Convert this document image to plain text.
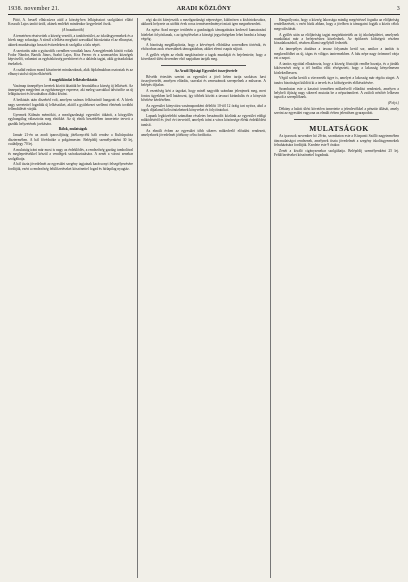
1938. november 21.	ARADI KÖZLÖNY	3

Pittó, A. beszél elbúcsúzva attól a község-ben lelkipásztori szolgálatot ellátó Kossuth Lajos tanító úrtól, akinek emlékét mindenkor kegyelettel őrzik.

(A hozzátartók)

A temetésen résztvettek a község vezetői, a tanítótestület, az iskolásgyermekek és a hívek nagy sokasága. A sírnál a lelkész megható szavakkal búcsúztatta el az elhunytat, akinek munkássága hosszú évtizedeken át szolgálta a falu népét.

A szertartás után a gyászolók csendben vonultak haza. A megjelentek között voltak Fodor Nándor, Bartók János, Szabó Lajos, Kiss Ferenc és a szomszédos községek képviselői, valamint az egyházközség presbiterei és a dalárda tagjai, akik gyászdalokat énekeltek.

A család ezúton mond köszönetet mindazoknak, akik fájdalmukban osztoztak és az elhunyt utolsó útján elkísérték.

A nagykikindai lelkészbeiktatás

Vasárnap ünnepélyes keretek között iktatták be hivatalába a község új lelkészét. Az ünnepségen megjelent az egyházmegye esperese, aki meleg szavakkal üdvözölte az új lelkipásztort és hivatásához áldást kívánt.

A beiktatás után díszebéd volt, amelyen számos felköszöntő hangzott el. A hívek nagy szeretettel fogadták új lelkészüket, akitől a gyülekezet szellemi életének további fellendülését várják.

Gyermek Kálmán mérnököt, a mezőgazdasági egyesület titkárát, a közgyűlés egyhangúlag választotta meg elnökké. Az új elnök beszédében ismertette terveit a gazdák helyzetének javítására.

Bálok, mulatságok

Január 21-én az aradi iparosifjúság jótékonycélú bált rendez a Kultúrpalota dísztermében. A bál fővédnöke a polgármester. Belépődíj személyenként 30 lej, családjegy 70 lej.

A mulatság iránt már most is nagy az érdeklődés, a rendezőség gazdag tombolával és meglepetésekkel készül a vendégek szórakoztatására. A zenét a városi zenekar szolgáltatja.

A bál tiszta jövedelmét az egyesület szegény tagjainak karácsonyi felsegélyezésére fordítják, ezért a rendezőség felülfizetéseket köszönettel fogad és hírlapilag nyugtáz.

régi akciót kiterjesztik a mezőgazdasági népességre, különösen a kisbirtokosokra, akiknek helyzete az utóbbi évek rossz terméseredményei miatt igen megnehezedett.

Az egész Arad megye területén a gazdaságok támogatására kedvező kamatozású hiteleket folyósítanak, s az igényléseket a községi jegyzőségeken lehet beadni a hónap végéig.

A bizottság megállapította, hogy a kérvények elbírálása sorrendben történik, és elsősorban azok részesülnek támogatásban, akiket elemi csapás sújtott.

A gyűlés végén az elnök megköszönte a tagok munkáját és bejelentette, hogy a következő ülést december első napjaiban tartják meg.

Az Aradi Ifjúsági Egyesület összejövetele

Bővebb értesítés szerint az egyesület a jövő héten tartja szokásos havi összejövetelét, amelyen előadás, szavalat és zeneszámok szerepelnek a műsoron. A belépés díjtalan.

A vezetőség kéri a tagokat, hogy minél nagyobb számban jelenjenek meg, mert fontos ügyekben kell határozni, így többek között a tavaszi kirándulás és a könyvtár bővítése kérdésében.

Az egyesület könyvtára vasárnaponként délelőtt 10-től 12 óráig tart nyitva, ahol a tagok díjtalanul kölcsönözhetnek könyveket és folyóiratokat.

Lapunk legközelebbi számában részletes beszámolót közlünk az egyesület eddigi működéséről és jövő évi terveiről, amelyek iránt a város közönsége élénk érdeklődést tanúsít.

Az elmúlt évben az egyesület több sikeres műkedvelő előadást rendezett, amelyeknek jövedelmét jótékony célra fordította.

Hangsúlyozta, hogy a község lakossága mindig megértéssel fogadta az elöljáróság rendelkezéseit, s ezért bízik abban, hogy a jövőben is támogatni fogják a közös célok megvalósítását.

A gyűlés után az elöljáróság tagjai megtekintették az új iskolaépületet, amelynek munkálatai már a befejezéshez közelednek. Az építkezés költségeit részben közadakozásból, részben állami segélyből fedezték.

Az ünnepélyes átadásra a tavasz folyamán kerül sor, amikor a tanítás is megkezdődhet az új, tágas és világos tantermekben. A falu népe nagy örömmel várja ezt a napot.

A tanács egyúttal elhatározta, hogy a község főutcáját rendbe hozatja, és a járdák kikövezését még a tél beállta előtt elvégezteti, hogy a lakosság kényelmesen közlekedhessen.

Végül szóba került a vízvezeték ügye is, amelyet a lakosság már régóta sürget. A tanács bizottságot küldött ki a tervek és a költségvetés előkészítésére.

Szombaton este a kaszinó termében műkedvelő előadást rendeztek, amelyen a helybeli ifjúság nagy sikerrel mutatta be a népszínművet. A zsúfolt nézőtér lelkesen tapsolt a szereplőknek.

(Folyt.)

Dékány a halott ülést követően ismertette a jelenlevőkkel a pénztár állását, amely szerint az egyesület vagyona az elmúlt évben jelentősen gyarapodott.

MULATSÁGOK

Az iparosok november hó 26-án, szombaton este a Központi Szálló nagytermében táncmulatságot rendeznek, amelynek tiszta jövedelmét a szegény iskolásgyermekek felruházására fordítják. Kezdete este 9 órakor.

Zenét a kiváló cigányzenekar szolgáltatja. Belépődíj személyenként 25 lej. Felülfizetéseket köszönettel fogadnak.
